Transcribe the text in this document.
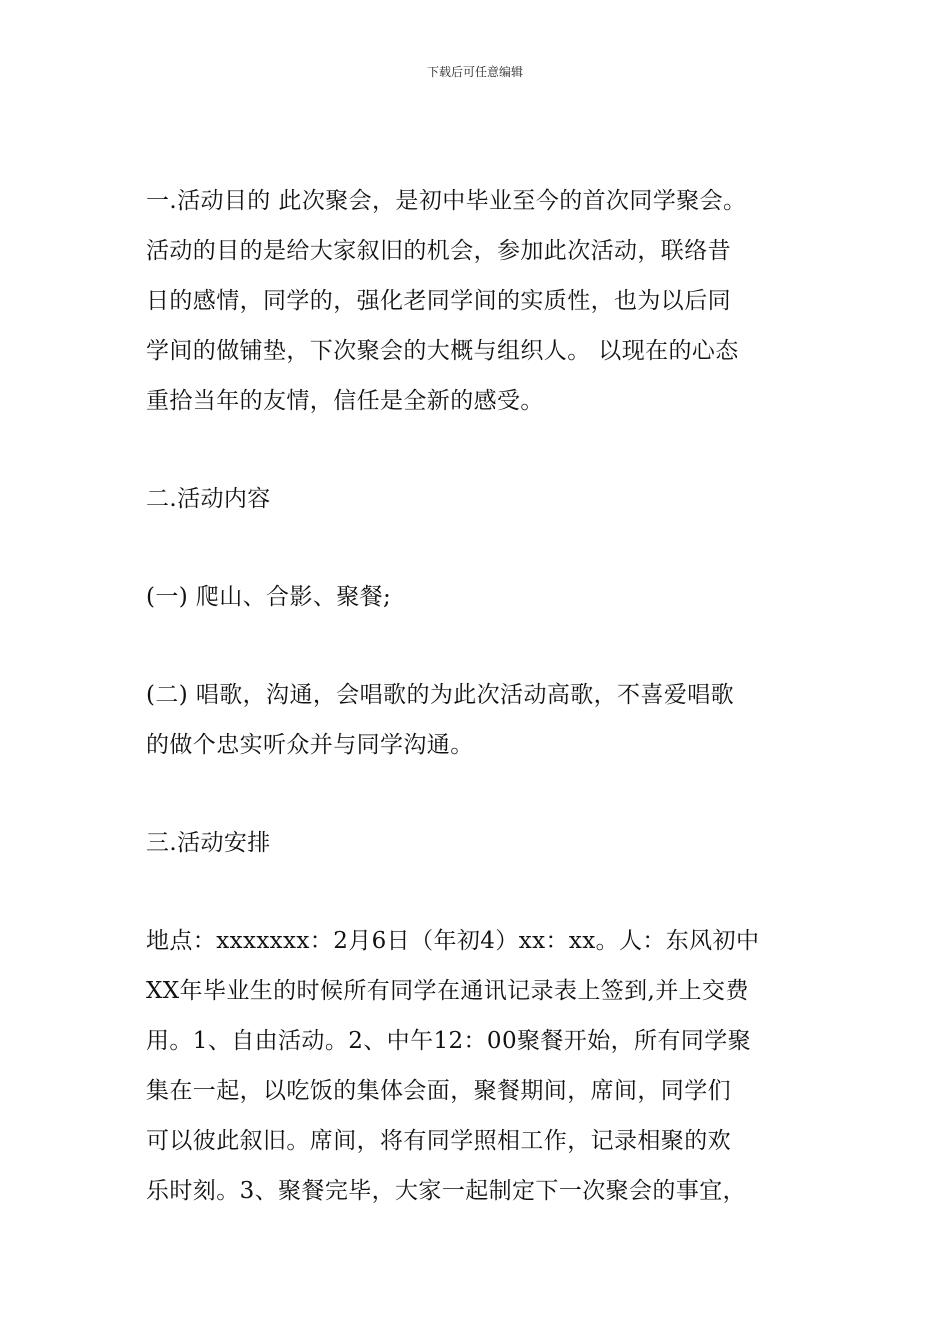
下载后可任意编辑

一.活动目的 此次聚会，是初中毕业至今的首次同学聚会。
活动的目的是给大家叙旧的机会，参加此次活动，联络昔
日的感情，同学的，强化老同学间的实质性，也为以后同
学间的做铺垫，下次聚会的大概与组织人。 以现在的心态
重拾当年的友情，信任是全新的感受。

二.活动内容

(一) 爬山、合影、聚餐;

(二) 唱歌，沟通，会唱歌的为此次活动高歌，不喜爱唱歌
的做个忠实听众并与同学沟通。

三.活动安排

地点：xxxxxxx：2月6日（年初4）xx：xx。人：东风初中
XX年毕业生的时候所有同学在通讯记录表上签到,并上交费
用。1、自由活动。2、中午12：00聚餐开始，所有同学聚
集在一起，以吃饭的集体会面，聚餐期间，席间，同学们
可以彼此叙旧。席间，将有同学照相工作，记录相聚的欢
乐时刻。3、聚餐完毕，大家一起制定下一次聚会的事宜，
